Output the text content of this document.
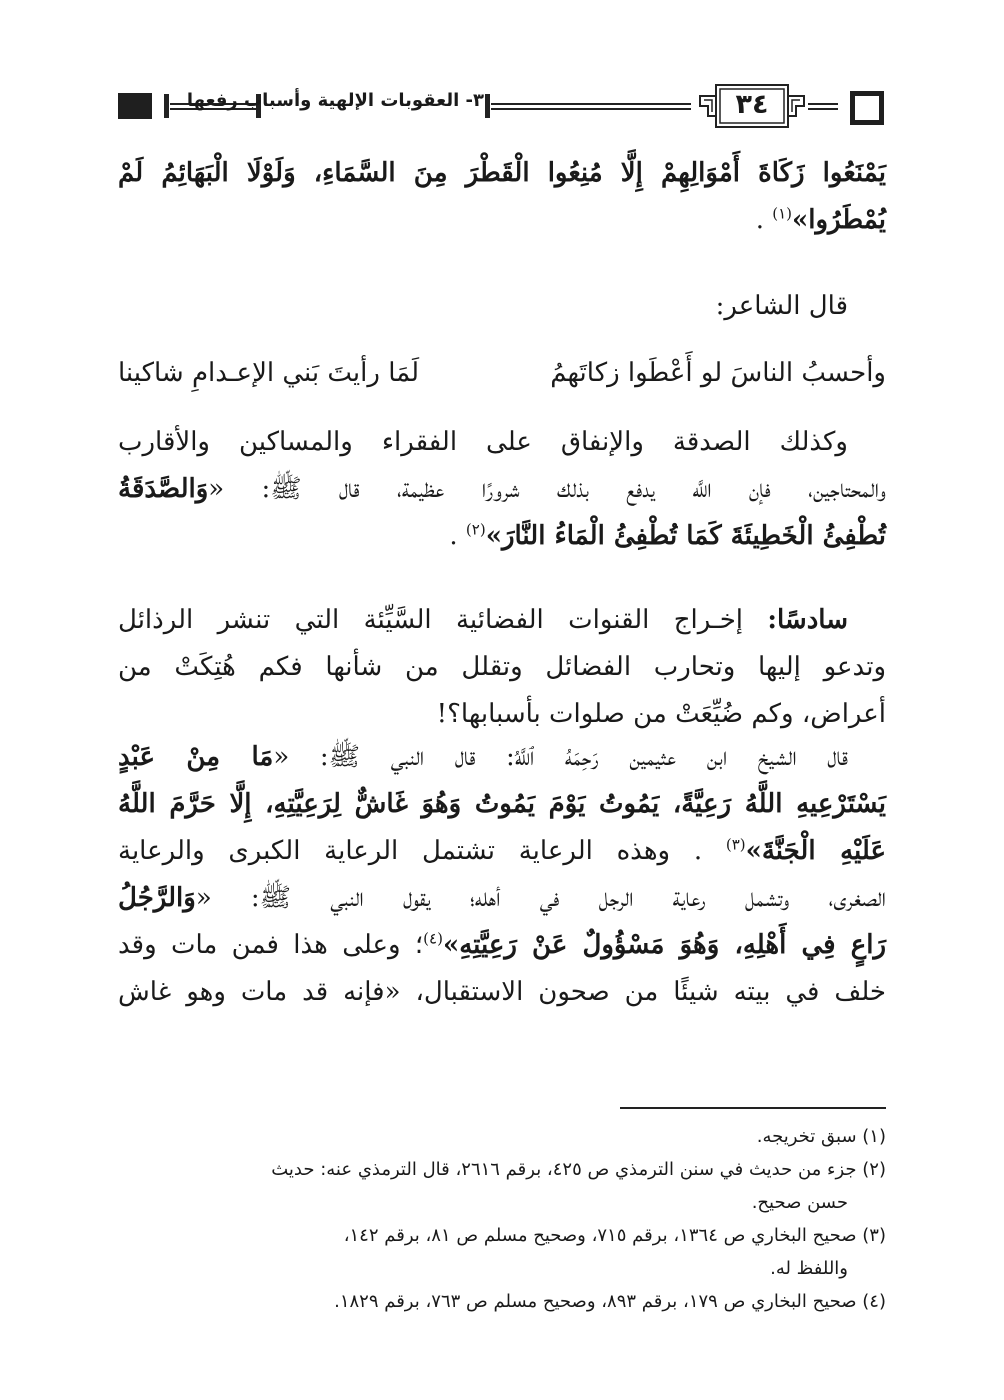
٣- العقوبات الإلهية وأسباب رفعها	٣٤
يَمْنَعُوا زَكَاةَ أَمْوَالِهِمْ إِلَّا مُنِعُوا الْقَطْرَ مِنَ السَّمَاءِ، وَلَوْلَا الْبَهَائِمُ لَمْ
يُمْطَرُوا»$^{(١)}$ .
قال الشاعر:
وأحسبُ الناسَ لو أَعْطَوا زكاتَهمُ
لَمَا رأيتَ بَني الإعـدامِ شاكينا
وكذلك الصدقة والإنفاق على الفقراء والمساكين والأقارب
والمحتاجين، فإن اللَّه يدفع بذلك شرورًا عظيمة، قال ﷺ: «وَالصَّدَقَةُ
تُطْفِئُ الْخَطِيئَةَ كَمَا تُطْفِئُ الْمَاءُ النَّارَ»$^{(٢)}$ .
سادسًا: إخـراج القنوات الفضائية السَّيِّئة التي تنشر الرذائل
وتدعو إليها وتحارب الفضائل وتقلل من شأنها فكم هُتِكَتْ من
أعراض، وكم ضُيِّعَتْ من صلوات بأسبابها؟!
قال الشيخ ابن عثيمين رَحِمَهُ ٱللَّهُ: قال النبي ﷺ: «مَا مِنْ عَبْدٍ
يَسْتَرْعِيهِ اللَّهُ رَعِيَّةً، يَمُوتُ يَوْمَ يَمُوتُ وَهُوَ غَاشٌّ لِرَعِيَّتِهِ، إِلَّا حَرَّمَ اللَّهُ
عَلَيْهِ الْجَنَّةَ»$^{(٣)}$ . وهذه الرعاية تشتمل الرعاية الكبرى والرعاية
الصغرى، وتشمل رعاية الرجل في أهله؛ يقول النبي ﷺ: «وَالرَّجُلُ
رَاعٍ فِي أَهْلِهِ، وَهُوَ مَسْؤُولٌ عَنْ رَعِيَّتِهِ»$^{(٤)}$؛ وعلى هذا فمن مات وقد
خلف في بيته شيئًا من صحون الاستقبال، «فإنه قد مات وهو غاش
(١) سبق تخريجه.
(٢) جزء من حديث في سنن الترمذي ص ٤٢٥، برقم ٢٦١٦، قال الترمذي عنه: حديث
حسن صحيح.
(٣) صحيح البخاري ص ١٣٦٤، برقم ٧١٥، وصحيح مسلم ص ٨١، برقم ١٤٢،
واللفظ له.
(٤) صحيح البخاري ص ١٧٩، برقم ٨٩٣، وصحيح مسلم ص ٧٦٣، برقم ١٨٢٩.
